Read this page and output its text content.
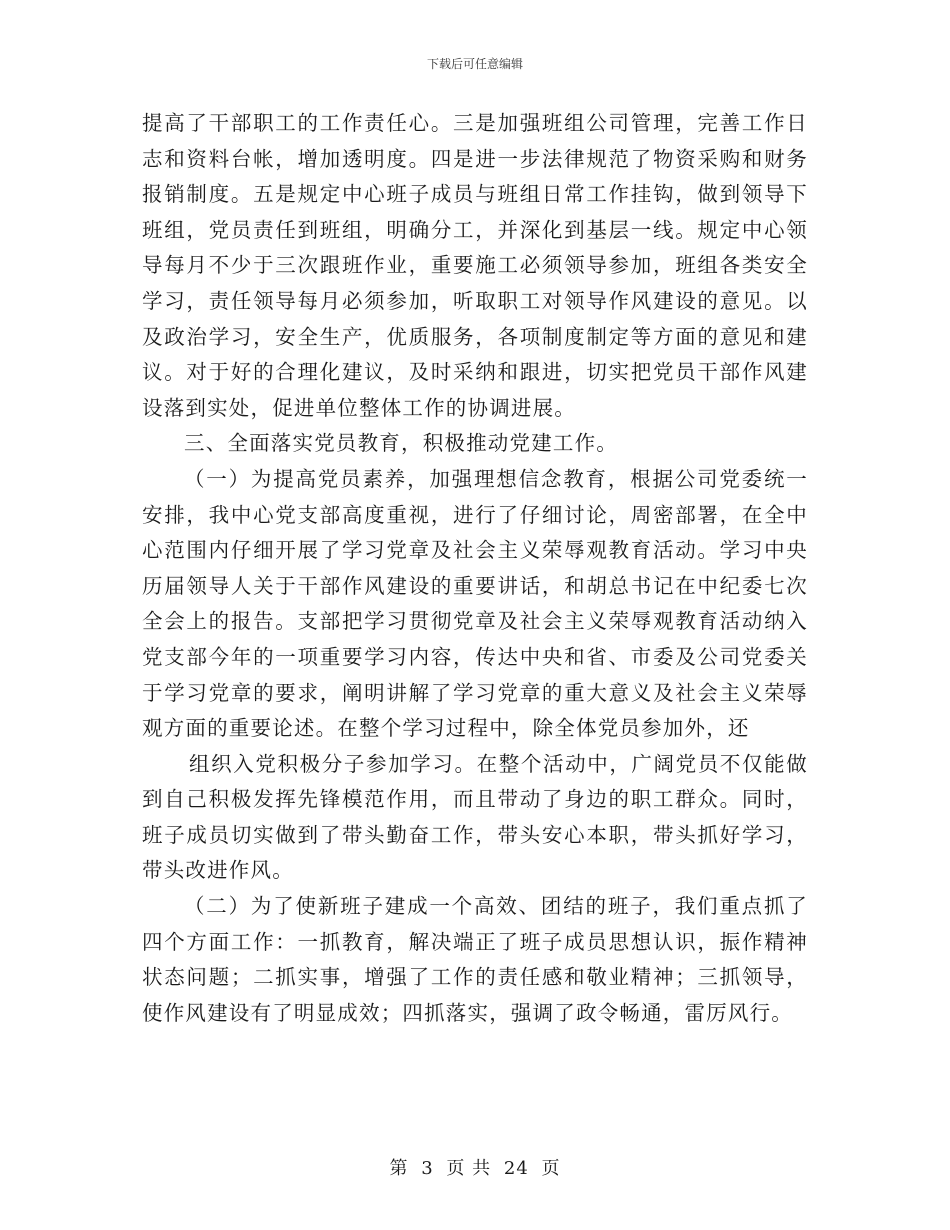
下载后可任意编辑

提高了干部职工的工作责任心。三是加强班组公司管理，完善工作日志和资料台帐，增加透明度。四是进一步法律规范了物资采购和财务报销制度。五是规定中心班子成员与班组日常工作挂钩，做到领导下班组，党员责任到班组，明确分工，并深化到基层一线。规定中心领导每月不少于三次跟班作业，重要施工必须领导参加，班组各类安全学习，责任领导每月必须参加，听取职工对领导作风建设的意见。以及政治学习，安全生产，优质服务，各项制度制定等方面的意见和建议。对于好的合理化建议，及时采纳和跟进，切实把党员干部作风建设落到实处，促进单位整体工作的协调进展。

三、全面落实党员教育，积极推动党建工作。

（一）为提高党员素养，加强理想信念教育，根据公司党委统一安排，我中心党支部高度重视，进行了仔细讨论，周密部署，在全中心范围内仔细开展了学习党章及社会主义荣辱观教育活动。学习中央历届领导人关于干部作风建设的重要讲话，和胡总书记在中纪委七次全会上的报告。支部把学习贯彻党章及社会主义荣辱观教育活动纳入党支部今年的一项重要学习内容，传达中央和省、市委及公司党委关于学习党章的要求，阐明讲解了学习党章的重大意义及社会主义荣辱观方面的重要论述。在整个学习过程中，除全体党员参加外，还

组织入党积极分子参加学习。在整个活动中，广阔党员不仅能做到自己积极发挥先锋模范作用，而且带动了身边的职工群众。同时，班子成员切实做到了带头勤奋工作，带头安心本职，带头抓好学习，带头改进作风。

（二）为了使新班子建成一个高效、团结的班子，我们重点抓了四个方面工作：一抓教育，解决端正了班子成员思想认识，振作精神状态问题；二抓实事，增强了工作的责任感和敬业精神；三抓领导，使作风建设有了明显成效；四抓落实，强调了政令畅通，雷厉风行。

第 3 页 共 24 页
